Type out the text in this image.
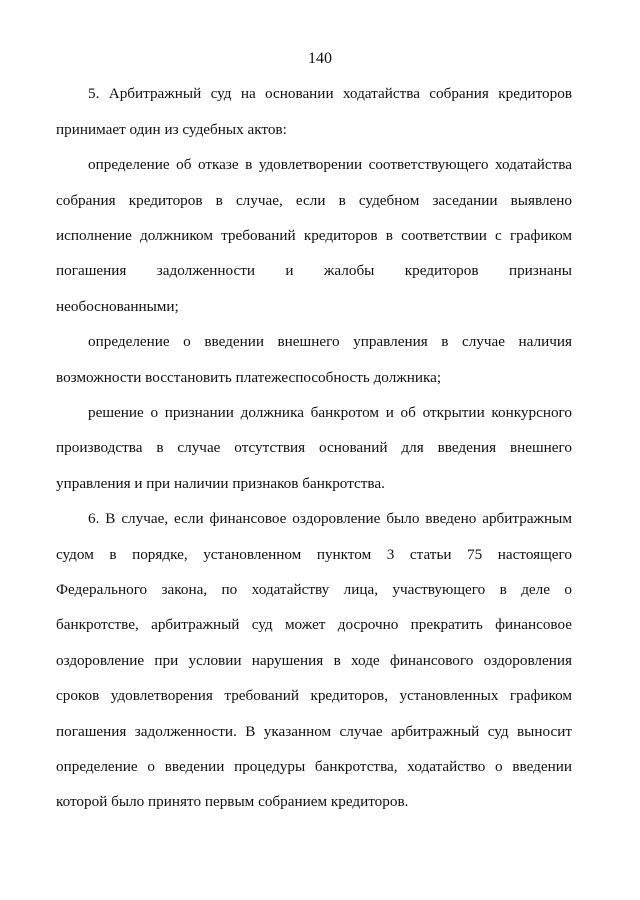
140
5. Арбитражный суд на основании ходатайства собрания кредиторов
принимает один из судебных актов:
определение об отказе в удовлетворении соответствующего ходатайства
собрания кредиторов в случае, если в судебном заседании выявлено
исполнение должником требований кредиторов в соответствии с графиком
погашения задолженности и жалобы кредиторов признаны
необоснованными;
определение о введении внешнего управления в случае наличия
возможности восстановить платежеспособность должника;
решение о признании должника банкротом и об открытии конкурсного
производства в случае отсутствия оснований для введения внешнего
управления и при наличии признаков банкротства.
6. В случае, если финансовое оздоровление было введено арбитражным
судом в порядке, установленном пунктом 3 статьи 75 настоящего
Федерального закона, по ходатайству лица, участвующего в деле о
банкротстве, арбитражный суд может досрочно прекратить финансовое
оздоровление при условии нарушения в ходе финансового оздоровления
сроков удовлетворения требований кредиторов, установленных графиком
погашения задолженности. В указанном случае арбитражный суд выносит
определение о введении процедуры банкротства, ходатайство о введении
которой было принято первым собранием кредиторов.
